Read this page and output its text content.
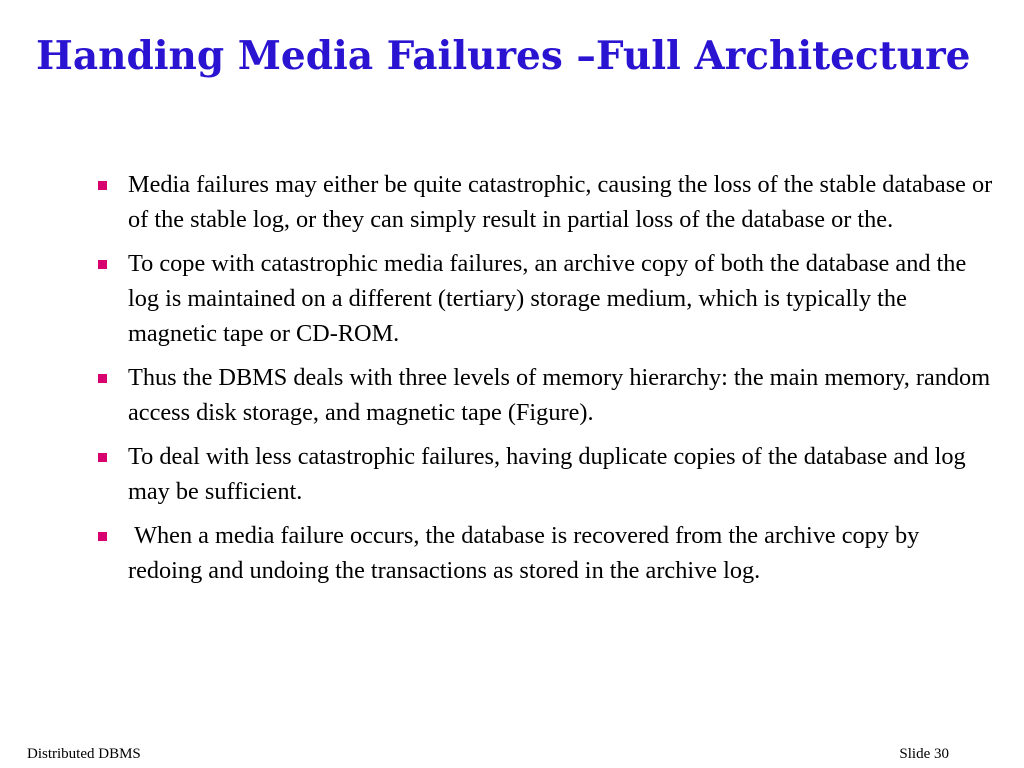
Handing Media Failures –Full Architecture
Media failures may either be quite catastrophic, causing the loss of the stable database or of the stable log, or they can simply result in partial loss of the database or the.
To cope with catastrophic media failures, an archive copy of both the database and the log is maintained on a different (tertiary) storage medium, which is typically the magnetic tape or CD-ROM.
Thus the DBMS deals with three levels of memory hierarchy: the main memory, random access disk storage, and magnetic tape (Figure).
To deal with less catastrophic failures, having duplicate copies of the database and log may be sufficient.
When a media failure occurs, the database is recovered from the archive copy by redoing and undoing the transactions as stored in the archive log.
Distributed DBMS	Slide 30
